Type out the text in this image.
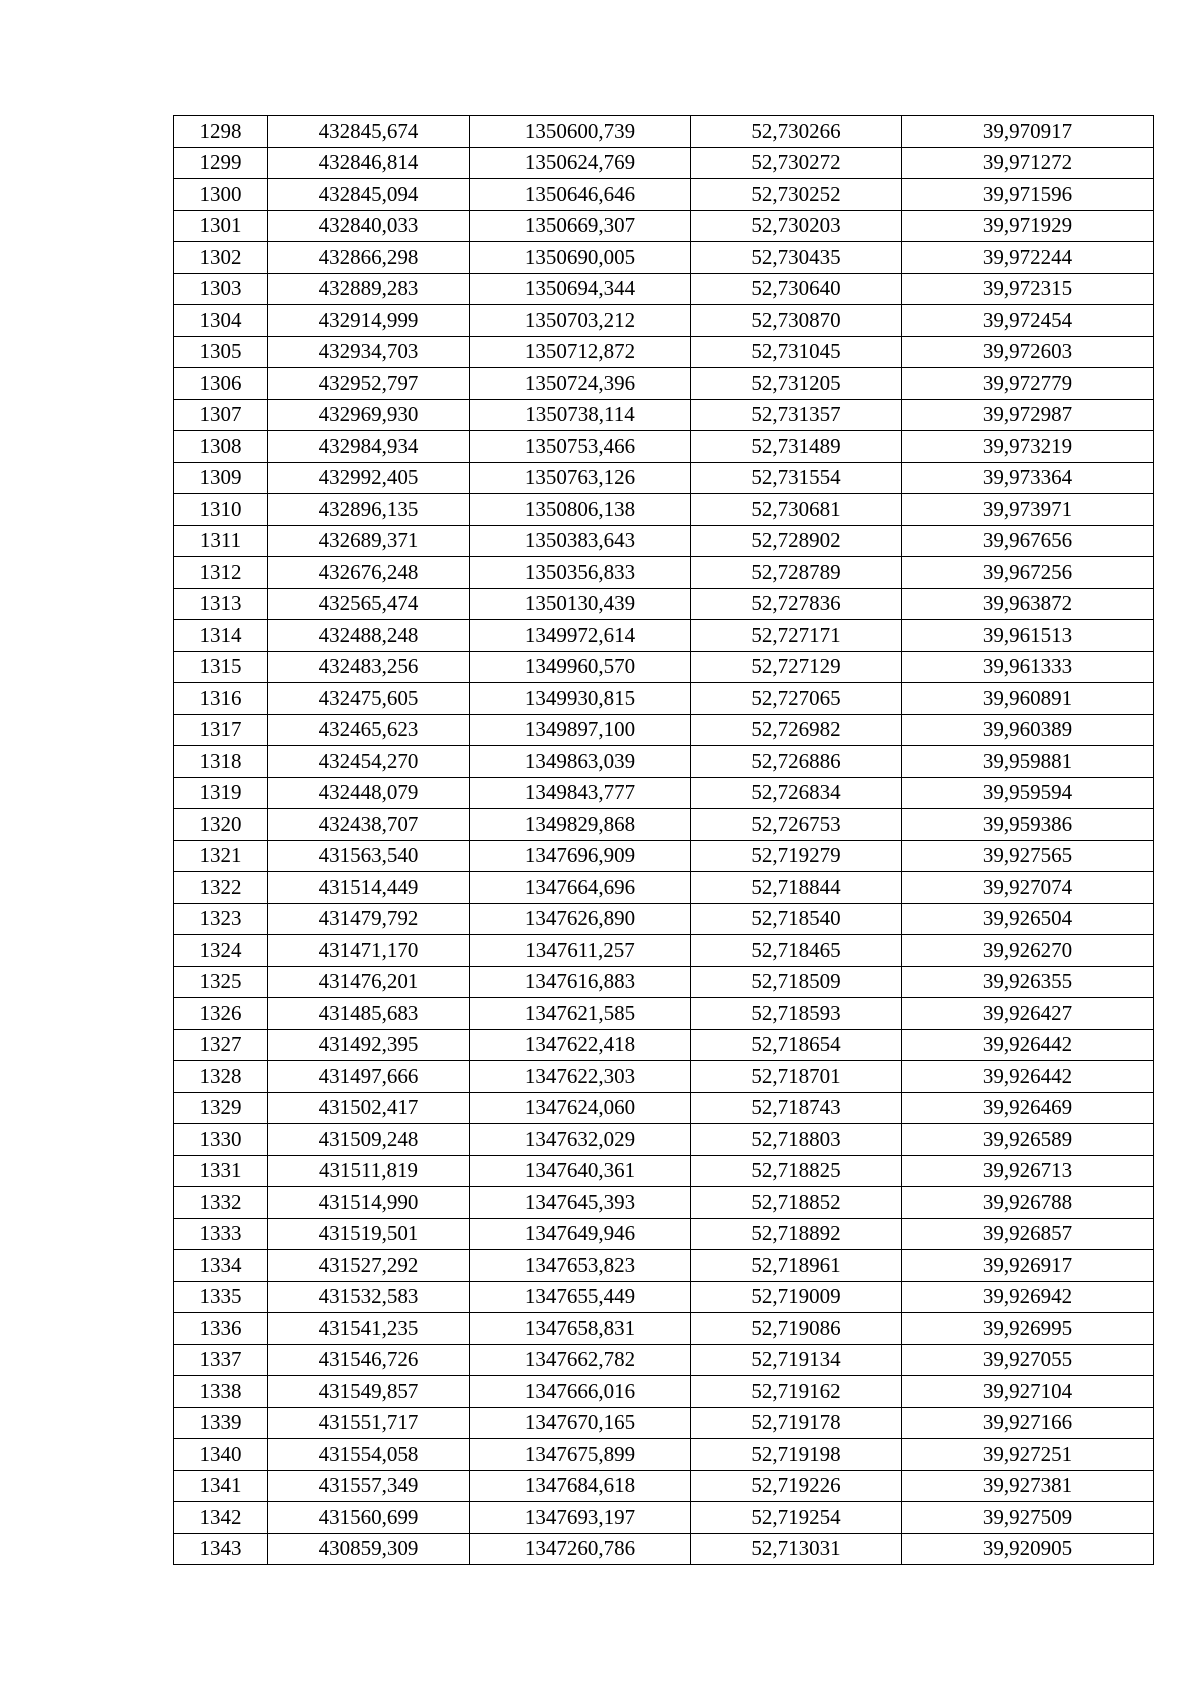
1298	432845,674	1350600,739	52,730266	39,970917
1299	432846,814	1350624,769	52,730272	39,971272
1300	432845,094	1350646,646	52,730252	39,971596
1301	432840,033	1350669,307	52,730203	39,971929
1302	432866,298	1350690,005	52,730435	39,972244
1303	432889,283	1350694,344	52,730640	39,972315
1304	432914,999	1350703,212	52,730870	39,972454
1305	432934,703	1350712,872	52,731045	39,972603
1306	432952,797	1350724,396	52,731205	39,972779
1307	432969,930	1350738,114	52,731357	39,972987
1308	432984,934	1350753,466	52,731489	39,973219
1309	432992,405	1350763,126	52,731554	39,973364
1310	432896,135	1350806,138	52,730681	39,973971
1311	432689,371	1350383,643	52,728902	39,967656
1312	432676,248	1350356,833	52,728789	39,967256
1313	432565,474	1350130,439	52,727836	39,963872
1314	432488,248	1349972,614	52,727171	39,961513
1315	432483,256	1349960,570	52,727129	39,961333
1316	432475,605	1349930,815	52,727065	39,960891
1317	432465,623	1349897,100	52,726982	39,960389
1318	432454,270	1349863,039	52,726886	39,959881
1319	432448,079	1349843,777	52,726834	39,959594
1320	432438,707	1349829,868	52,726753	39,959386
1321	431563,540	1347696,909	52,719279	39,927565
1322	431514,449	1347664,696	52,718844	39,927074
1323	431479,792	1347626,890	52,718540	39,926504
1324	431471,170	1347611,257	52,718465	39,926270
1325	431476,201	1347616,883	52,718509	39,926355
1326	431485,683	1347621,585	52,718593	39,926427
1327	431492,395	1347622,418	52,718654	39,926442
1328	431497,666	1347622,303	52,718701	39,926442
1329	431502,417	1347624,060	52,718743	39,926469
1330	431509,248	1347632,029	52,718803	39,926589
1331	431511,819	1347640,361	52,718825	39,926713
1332	431514,990	1347645,393	52,718852	39,926788
1333	431519,501	1347649,946	52,718892	39,926857
1334	431527,292	1347653,823	52,718961	39,926917
1335	431532,583	1347655,449	52,719009	39,926942
1336	431541,235	1347658,831	52,719086	39,926995
1337	431546,726	1347662,782	52,719134	39,927055
1338	431549,857	1347666,016	52,719162	39,927104
1339	431551,717	1347670,165	52,719178	39,927166
1340	431554,058	1347675,899	52,719198	39,927251
1341	431557,349	1347684,618	52,719226	39,927381
1342	431560,699	1347693,197	52,719254	39,927509
1343	430859,309	1347260,786	52,713031	39,920905
